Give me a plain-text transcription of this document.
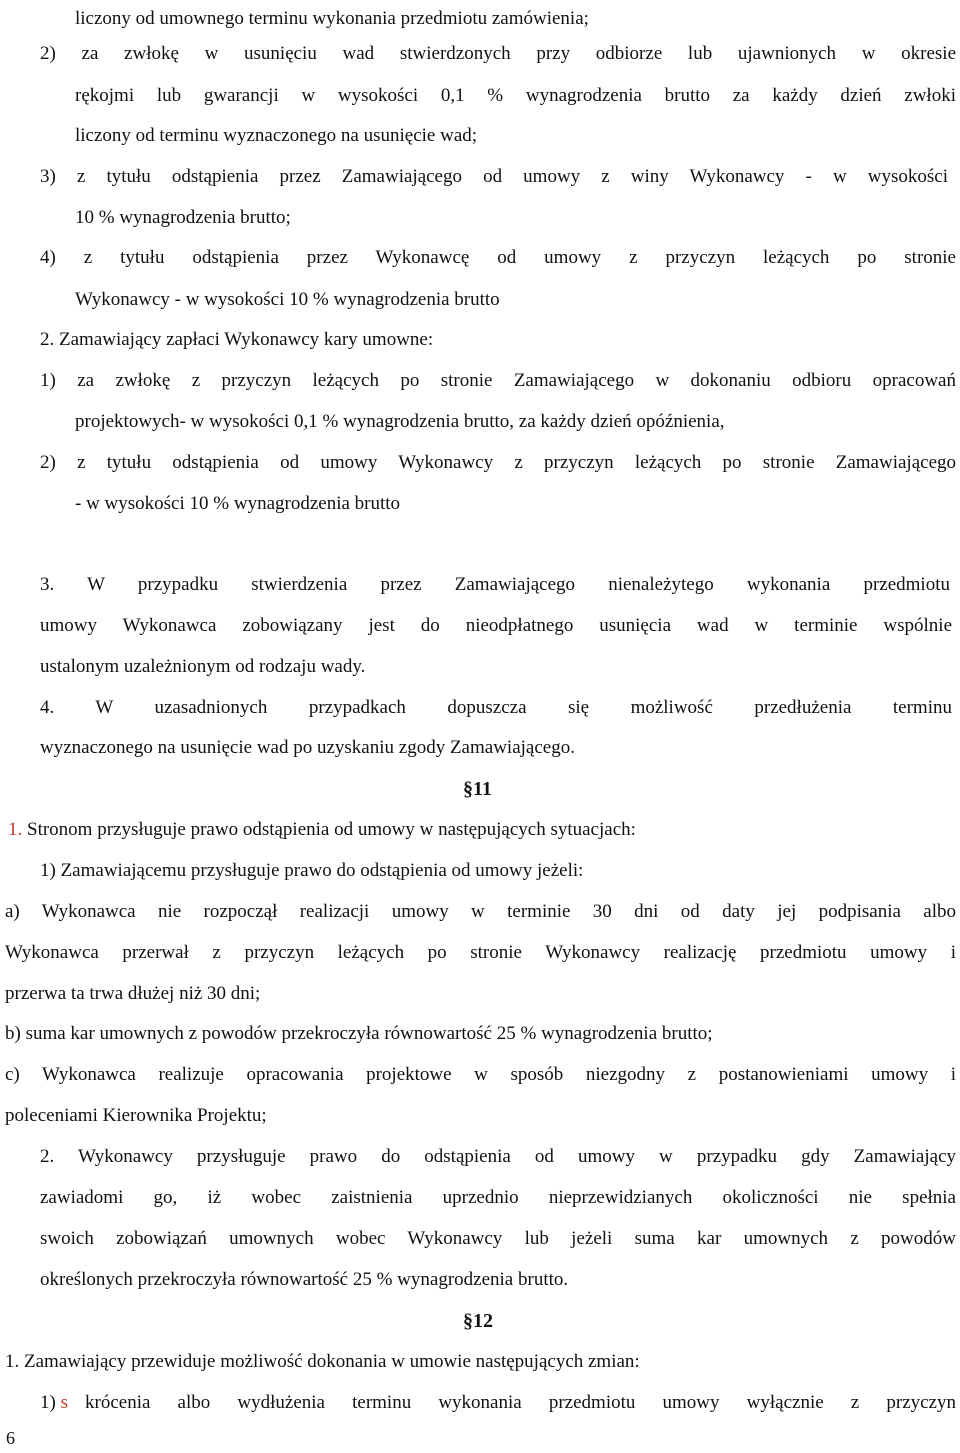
liczony od umownego terminu wykonania przedmiotu zamówienia;
2) za zwłokę w usunięciu wad stwierdzonych przy odbiorze lub ujawnionych w okresie
rękojmi lub gwarancji w wysokości 0,1 % wynagrodzenia brutto za każdy dzień zwłoki
liczony od terminu wyznaczonego na usunięcie wad;
3) z tytułu odstąpienia przez Zamawiającego od umowy z winy Wykonawcy - w wysokości
10 % wynagrodzenia brutto;
4) z tytułu odstąpienia przez Wykonawcę od umowy z przyczyn leżących po stronie
Wykonawcy - w wysokości 10 % wynagrodzenia brutto
2. Zamawiający zapłaci Wykonawcy kary umowne:
1) za zwłokę z przyczyn leżących po stronie Zamawiającego w dokonaniu odbioru opracowań
projektowych- w wysokości 0,1 % wynagrodzenia brutto, za każdy dzień opóźnienia,
2) z tytułu odstąpienia od umowy Wykonawcy z przyczyn leżących po stronie Zamawiającego
- w wysokości 10 % wynagrodzenia brutto
3. W przypadku stwierdzenia przez Zamawiającego nienależytego wykonania przedmiotu
umowy Wykonawca zobowiązany jest do nieodpłatnego usunięcia wad w terminie wspólnie
ustalonym uzależnionym od rodzaju wady.
4. W uzasadnionych przypadkach dopuszcza się możliwość przedłużenia terminu
wyznaczonego na usunięcie wad po uzyskaniu zgody Zamawiającego.
§11
1. Stronom przysługuje prawo odstąpienia od umowy w następujących sytuacjach:
1) Zamawiającemu przysługuje prawo do odstąpienia od umowy jeżeli:
a) Wykonawca nie rozpoczął realizacji umowy w terminie 30 dni od daty jej podpisania albo
Wykonawca przerwał z przyczyn leżących po stronie Wykonawcy realizację przedmiotu umowy i
przerwa ta trwa dłużej niż 30 dni;
b) suma kar umownych z powodów przekroczyła równowartość 25 % wynagrodzenia brutto;
c) Wykonawca realizuje opracowania projektowe w sposób niezgodny z postanowieniami umowy i
poleceniami Kierownika Projektu;
2. Wykonawcy przysługuje prawo do odstąpienia od umowy w przypadku gdy Zamawiający
zawiadomi go, iż wobec zaistnienia uprzednio nieprzewidzianych okoliczności nie spełnia
swoich zobowiązań umownych wobec Wykonawcy lub jeżeli suma kar umownych z powodów
określonych przekroczyła równowartość 25 % wynagrodzenia brutto.
§12
1. Zamawiający przewiduje możliwość dokonania w umowie następujących zmian:
1) s krócenia albo wydłużenia terminu wykonania przedmiotu umowy wyłącznie z przyczyn
6
